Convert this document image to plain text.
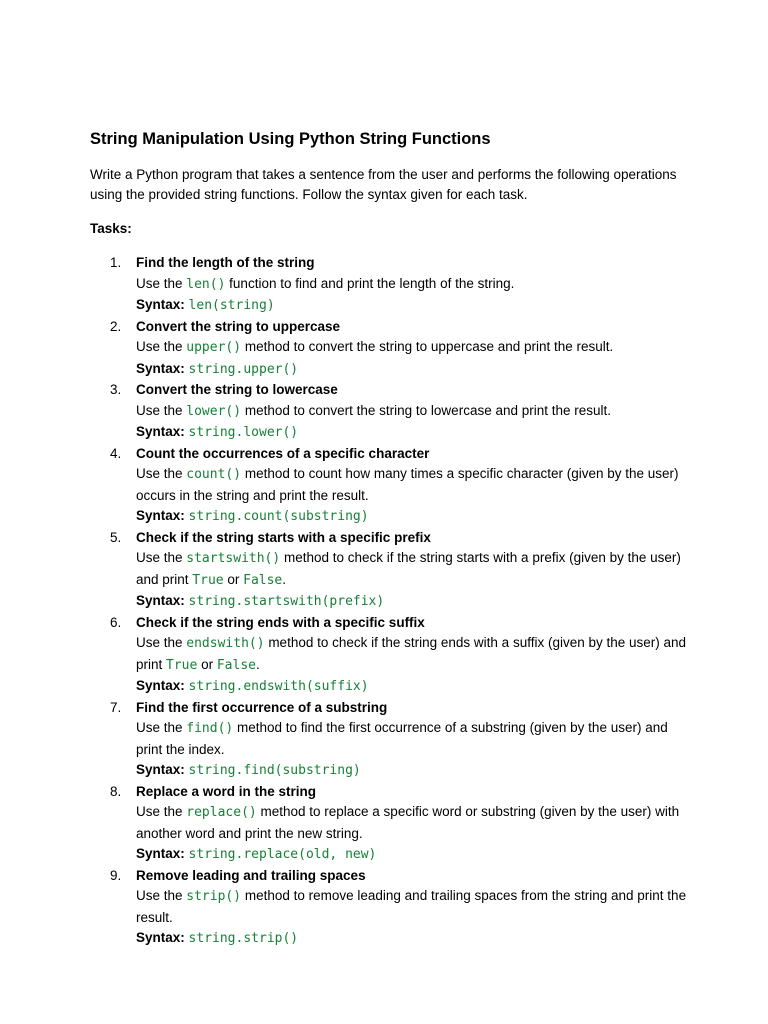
String Manipulation Using Python String Functions

Write a Python program that takes a sentence from the user and performs the following operations using the provided string functions. Follow the syntax given for each task.

Tasks:

1.	Find the length of the string
Use the len() function to find and print the length of the string.
Syntax: len(string)
2.	Convert the string to uppercase
Use the upper() method to convert the string to uppercase and print the result.
Syntax: string.upper()
3.	Convert the string to lowercase
Use the lower() method to convert the string to lowercase and print the result.
Syntax: string.lower()
4.	Count the occurrences of a specific character
Use the count() method to count how many times a specific character (given by the user) occurs in the string and print the result.
Syntax: string.count(substring)
5.	Check if the string starts with a specific prefix
Use the startswith() method to check if the string starts with a prefix (given by the user) and print True or False.
Syntax: string.startswith(prefix)
6.	Check if the string ends with a specific suffix
Use the endswith() method to check if the string ends with a suffix (given by the user) and print True or False.
Syntax: string.endswith(suffix)
7.	Find the first occurrence of a substring
Use the find() method to find the first occurrence of a substring (given by the user) and print the index.
Syntax: string.find(substring)
8.	Replace a word in the string
Use the replace() method to replace a specific word or substring (given by the user) with another word and print the new string.
Syntax: string.replace(old, new)
9.	Remove leading and trailing spaces
Use the strip() method to remove leading and trailing spaces from the string and print the result.
Syntax: string.strip()
